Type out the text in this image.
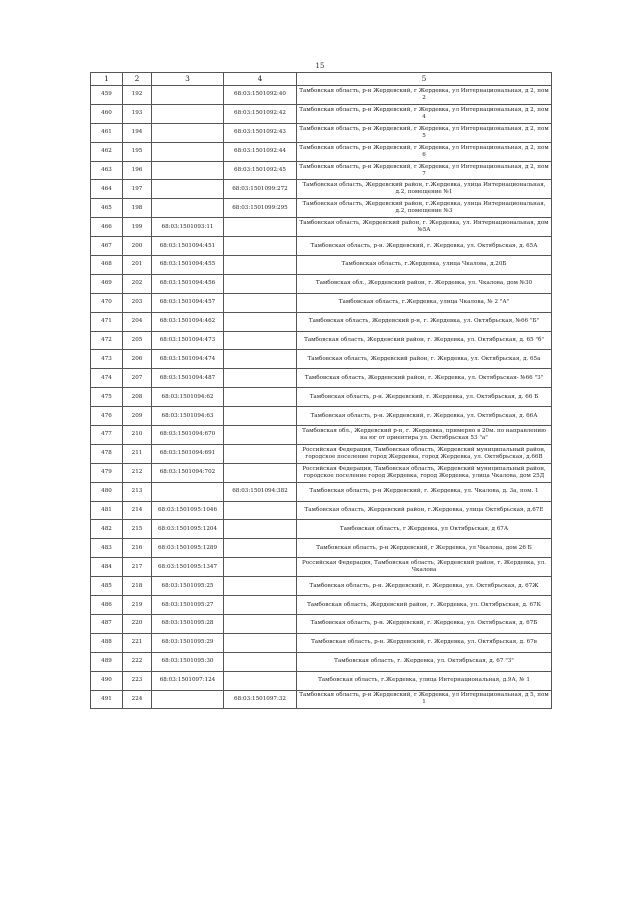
15
1	2	3	4	5
459	192		68:03:1501092:40	Тамбовская область, р-н Жердевский, г Жердевка, ул Интернациональная, д 2, пом 2
460	193		68:03:1501092:42	Тамбовская область, р-н Жердевский, г Жердевка, ул Интернациональная, д 2, пом 4
461	194		68:03:1501092:43	Тамбовская область, р-н Жердевский, г Жердевка, ул Интернациональная, д 2, пом 5
462	195		68:03:1501092:44	Тамбовская область, р-н Жердевский, г Жердевка, ул Интернациональная, д 2, пом 6
463	196		68:03:1501092:45	Тамбовская область, р-н Жердевский, г Жердевка, ул Интернациональная, д 2, пом 7
464	197		68:03:1501099:272	Тамбовская область, Жердевский район, г.Жердевка, улица Интернациональная, д.2, помещение №1
465	198		68:03:1501099:295	Тамбовская область, Жердевский район, г.Жердевка, улица Интернациональная, д.2, помещение №3
466	199	68:03:1501093:11		Тамбовская область, Жердевский район, г. Жердевка, ул. Интернациональная, дом №5А
467	200	68:03:1501094:451		Тамбовская область, р-н. Жердевский, г. Жердевка, ул. Октябрьская, д. 65А
468	201	68:03:1501094:455		Тамбовская область, г.Жердевка, улица Чкалова, д.20Б
469	202	68:03:1501094:456		Тамбовская обл., Жердевский район, г. Жердевка, ул. Чкалова, дом №30
470	203	68:03:1501094:457		Тамбовская область, г.Жердевка, улица Чкалова, № 2 "А"
471	204	68:03:1501094:462		Тамбовская область, Жердевский р-н, г. Жердевка, ул. Октябрьская, №66 "Б"
472	205	68:03:1501094:473		Тамбовская область, Жердевский район, г. Жердевка, ул. Октябрьская, д. 65 "б"
473	206	68:03:1501094:474		Тамбовская область, Жердевский район, г. Жердевка, ул. Октябрьская, д. 65а
474	207	68:03:1501094:487		Тамбовская область, Жердевский район, г. Жердевка, ул. Октябрьская- №66 "З"
475	208	68:03:1501094:62		Тамбовская область, р-н. Жердевский, г. Жердевка, ул. Октябрьская, д. 66 Б
476	209	68:03:1501094:63		Тамбовская область, р-н. Жердевский, г. Жердевка, ул. Октябрьская, д. 66А
477	210	68:03:1501094:670		Тамбовская обл., Жердевский р-н, г. Жердевка, примерно в 20м. по направлению на юг от ориентира ул. Октябрьская 53 "а"
478	211	68:03:1501094:691		Российская Федерация, Тамбовская область, Жердевский муниципальный район, городское поселение город Жердевка, город Жердевка, ул. Октябрьская, д.66В
479	212	68:03:1501094:702		Российская Федерация, Тамбовская область, Жердевский муниципальный район, городское поселение город Жердевка, город Жердевка, улица Чкалова, дом 25Д
480	213		68:03:1501094:382	Тамбовская область, р-н Жердевский, г. Жердевка, ул. Чкалова, д. 3а, пом. 1
481	214	68:03:1501095:1046		Тамбовская область, Жердевский район, г.Жердевка, улица Октябрьская, д.67Е
482	215	68:03:1501095:1204		Тамбовская область, г Жердевка, ул Октябрьская, д 67А
483	216	68:03:1501095:1289		Тамбовская область, р-н Жердевский, г Жердевка, ул Чкалова, дом 26 Б
484	217	68:03:1501095:1347		Российская Федерация, Тамбовская область, Жердевский район, г. Жердевка, ул. Чкалова
485	218	68:03:1501095:25		Тамбовская область, р-н. Жердевский, г. Жердевка, ул. Октябрьская, д. 67Ж
486	219	68:03:1501095:27		Тамбовская область, Жердевский район, г. Жердевка, ул. Октябрьская, д. 67К
487	220	68:03:1501095:28		Тамбовская область, р-н. Жердевский, г. Жердевка, ул. Октябрьская, д. 67Б
488	221	68:03:1501095:29		Тамбовская область, р-н. Жердевский, г. Жердевка, ул. Октябрьская, д. 67в
489	222	68:03:1501095:30		Тамбовская область, г. Жердевка, ул. Октябрьская, д. 67 "З"
490	223	68:03:1501097:124		Тамбовская область, г.Жердевка, улица Интернациональная, д.9А, № 1
491	224		68:03:1501097:32	Тамбовская область, р-н Жердевский, г Жердевка, ул Интернациональная, д 5, пом 1
